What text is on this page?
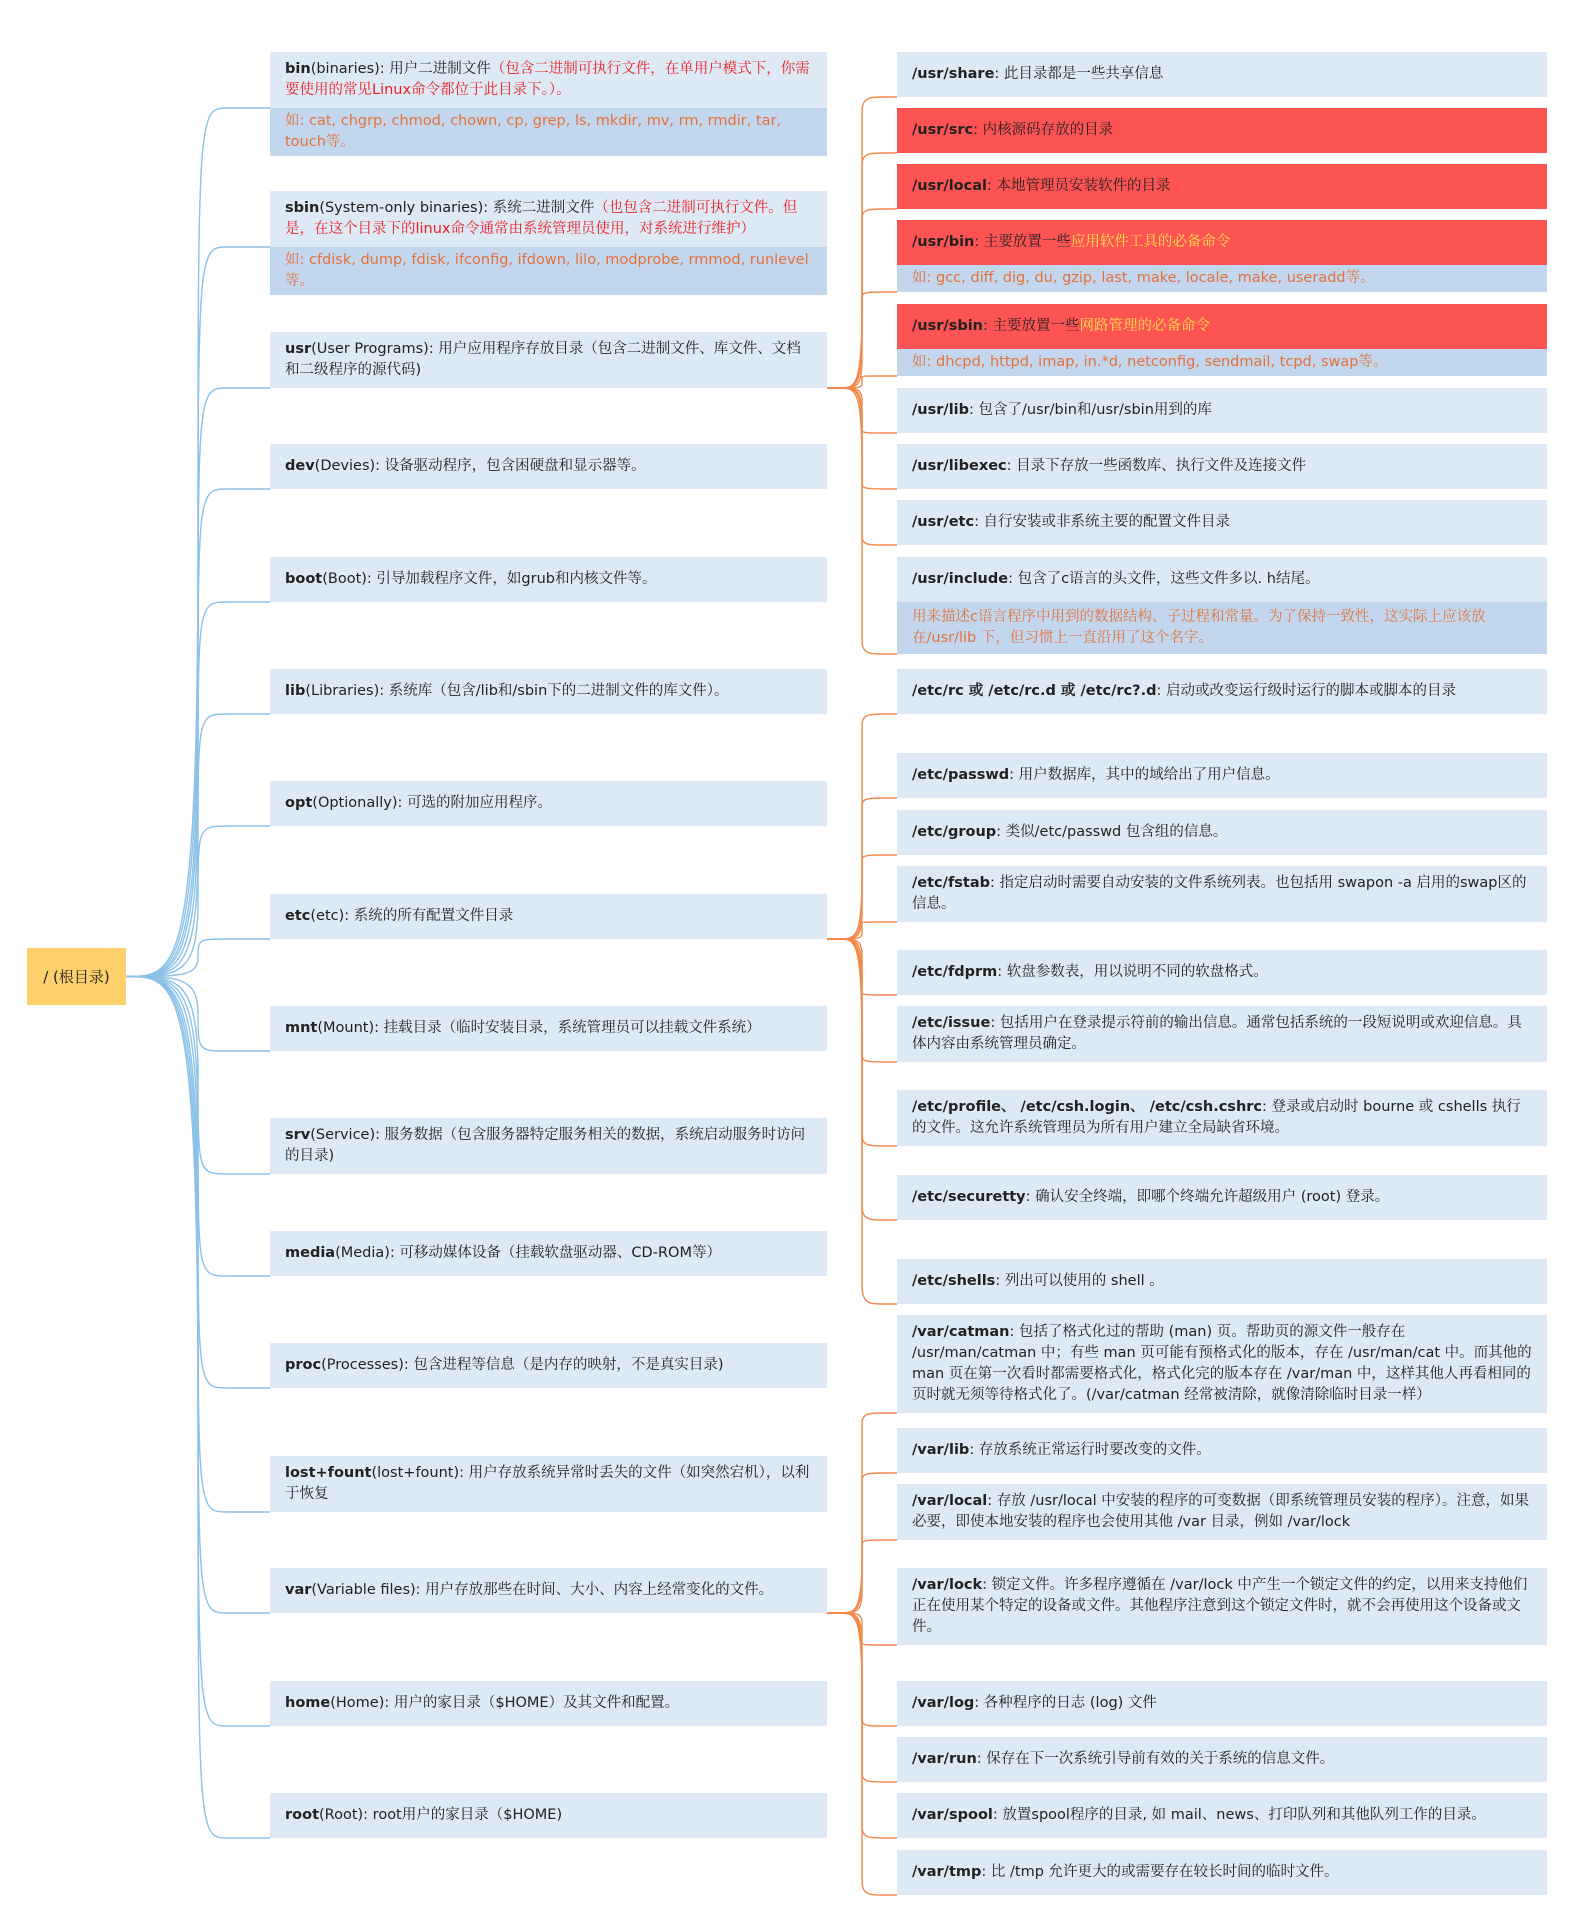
/ (根目录)
bin(binaries): 用户二进制文件（包含二进制可执行文件，在单用户模式下，你需要使用的常见Linux命令都位于此目录下。）。
如: cat, chgrp, chmod, chown, cp, grep, ls, mkdir, mv, rm, rmdir, tar, touch等。
sbin(System-only binaries): 系统二进制文件（也包含二进制可执行文件。但是，在这个目录下的linux命令通常由系统管理员使用，对系统进行维护）
如: cfdisk, dump, fdisk, ifconfig, ifdown, lilo, modprobe, rmmod, runlevel等。
usr(User Programs): 用户应用程序存放目录（包含二进制文件、库文件、文档和二级程序的源代码)
dev(Devies): 设备驱动程序，包含困硬盘和显示器等。
boot(Boot): 引导加载程序文件，如grub和内核文件等。
lib(Libraries): 系统库（包含/lib和/sbin下的二进制文件的库文件）。
opt(Optionally): 可选的附加应用程序。
etc(etc): 系统的所有配置文件目录
mnt(Mount): 挂载目录（临时安装目录，系统管理员可以挂载文件系统）
srv(Service): 服务数据（包含服务器特定服务相关的数据，系统启动服务时访问的目录)
media(Media): 可移动媒体设备（挂载软盘驱动器、CD-ROM等）
proc(Processes): 包含进程等信息（是内存的映射，不是真实目录)
lost+fount(lost+fount): 用户存放系统异常时丢失的文件（如突然宕机），以利于恢复
var(Variable files): 用户存放那些在时间、大小、内容上经常变化的文件。
home(Home): 用户的家目录（$HOME）及其文件和配置。
root(Root): root用户的家目录（$HOME)
/usr/share: 此目录都是一些共享信息
/usr/src: 内核源码存放的目录
/usr/local: 本地管理员安装软件的目录
/usr/bin: 主要放置一些应用软件工具的必备命令
如: gcc, diff, dig, du, gzip, last, make, locale, make, useradd等。
/usr/sbin: 主要放置一些网路管理的必备命令
如: dhcpd, httpd, imap, in.*d, netconfig, sendmail, tcpd, swap等。
/usr/lib: 包含了/usr/bin和/usr/sbin用到的库
/usr/libexec: 目录下存放一些函数库、执行文件及连接文件
/usr/etc: 自行安装或非系统主要的配置文件目录
/usr/include: 包含了c语言的头文件，这些文件多以. h结尾。
用来描述c语言程序中用到的数据结构、子过程和常量。为了保持一致性，这实际上应该放在/usr/lib 下，但习惯上一直沿用了这个名字。
/etc/rc 或 /etc/rc.d 或 /etc/rc?.d: 启动或改变运行级时运行的脚本或脚本的目录
/etc/passwd: 用户数据库，其中的域给出了用户信息。
/etc/group: 类似/etc/passwd 包含组的信息。
/etc/fstab: 指定启动时需要自动安装的文件系统列表。也包括用 swapon -a 启用的swap区的信息。
/etc/fdprm: 软盘参数表，用以说明不同的软盘格式。
/etc/issue: 包括用户在登录提示符前的输出信息。通常包括系统的一段短说明或欢迎信息。具体内容由系统管理员确定。
/etc/profile、 /etc/csh.login、 /etc/csh.cshrc: 登录或启动时 bourne 或 cshells 执行的文件。这允许系统管理员为所有用户建立全局缺省环境。
/etc/securetty: 确认安全终端，即哪个终端允许超级用户 (root) 登录。
/etc/shells: 列出可以使用的 shell 。
/var/catman: 包括了格式化过的帮助 (man) 页。帮助页的源文件一般存在 /usr/man/catman 中；有些 man 页可能有预格式化的版本，存在 /usr/man/cat 中。而其他的 man 页在第一次看时都需要格式化，格式化完的版本存在 /var/man 中，这样其他人再看相同的页时就无须等待格式化了。(/var/catman 经常被清除，就像清除临时目录一样）
/var/lib: 存放系统正常运行时要改变的文件。
/var/local: 存放 /usr/local 中安装的程序的可变数据（即系统管理员安装的程序）。注意，如果必要，即使本地安装的程序也会使用其他 /var 目录，例如 /var/lock
/var/lock: 锁定文件。许多程序遵循在 /var/lock 中产生一个锁定文件的约定，以用来支持他们正在使用某个特定的设备或文件。其他程序注意到这个锁定文件时，就不会再使用这个设备或文件。
/var/log: 各种程序的日志 (log) 文件
/var/run: 保存在下一次系统引导前有效的关于系统的信息文件。
/var/spool: 放置spool程序的目录, 如 mail、news、打印队列和其他队列工作的目录。
/var/tmp: 比 /tmp 允许更大的或需要存在较长时间的临时文件。
